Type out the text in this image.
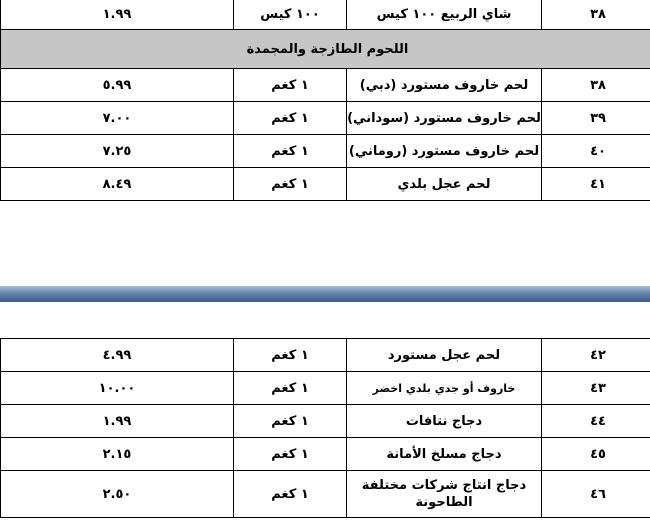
٣٨	شاي الربيع ١٠٠ كيس	١٠٠ كيس	١.٩٩
اللحوم الطازجة والمجمدة			
٣٨	لحم خاروف مستورد (دبي)	١ كغم	٥.٩٩
٣٩	لحم خاروف مستورد (سوداني)	١ كغم	٧.٠٠
٤٠	لحم خاروف مستورد (روماني)	١ كغم	٧.٢٥
٤١	لحم عجل بلدي	١ كغم	٨.٤٩
٤٢	لحم عجل مستورد	١ كغم	٤.٩٩
٤٣	خاروف أو جدي بلدي اخضر	١ كغم	١٠.٠٠
٤٤	دجاج نتافات	١ كغم	١.٩٩
٤٥	دجاج مسلخ الأمانة	١ كغم	٢.١٥
٤٦	دجاج انتاج شركات مختلفة الطاحونة	١ كغم	٢.٥٠
